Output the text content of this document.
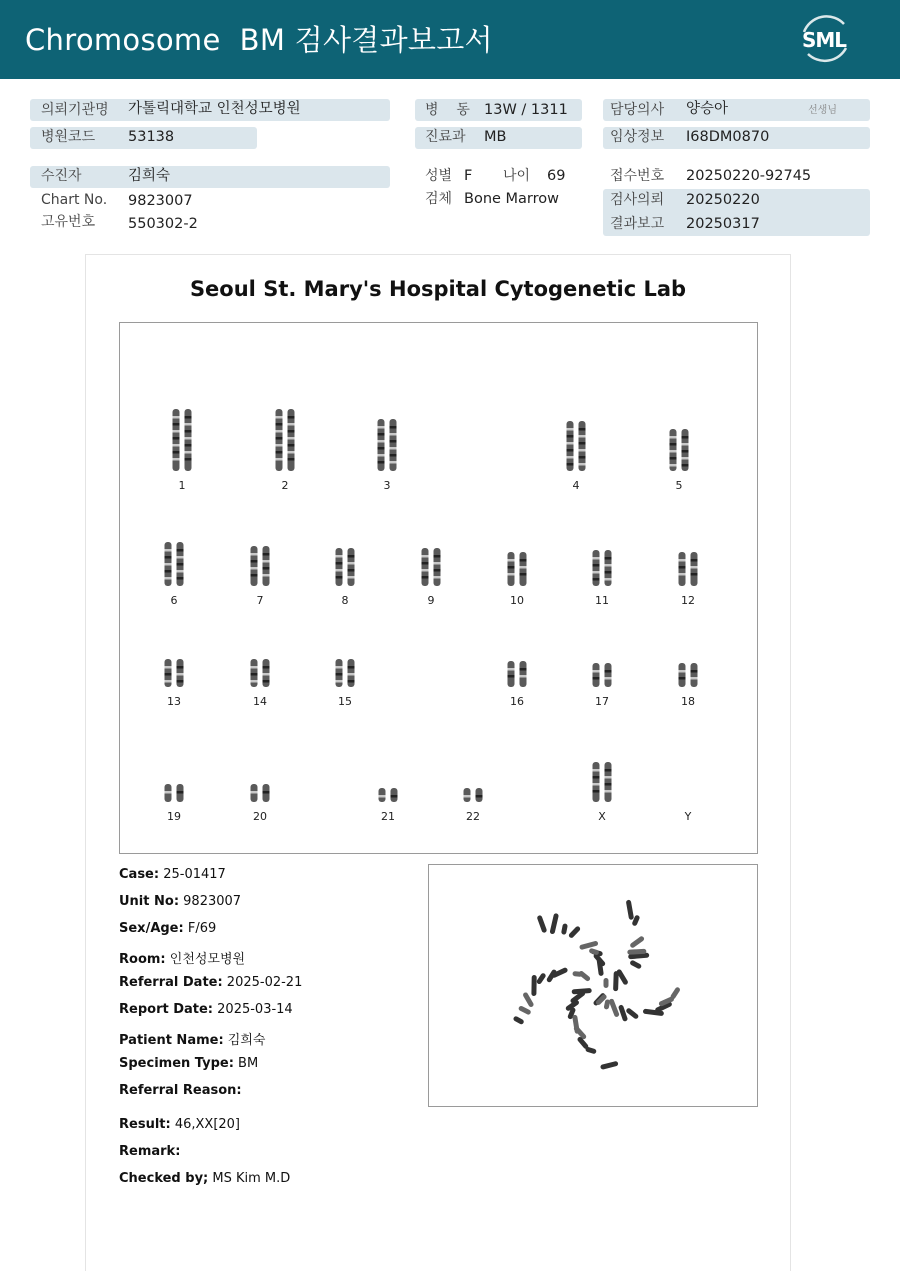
Chromosome  BM 검사결과보고서	SML
의뢰기관명 가톨릭대학교 인천성모병원
병원코드 53138
수진자	김희숙
Chart No. 9823007
고유번호 550302-2
병    동 13W / 1311
진료과 MB
성별 F 나이 69
검체 Bone Marrow
담당의사 양승아	선생님
임상정보 I68DM0870
접수번호 20250220-92745
검사의뢰 20250220
결과보고 20250317
Seoul St. Mary's Hospital Cytogenetic Lab
1	2	3	4	5
6	7	8	9	10	11	12
13	14	15	16	17	18
19	20	21	22	X	Y
Case: 25-01417
Unit No: 9823007
Sex/Age: F/69
Room: 인천성모병원
Referral Date: 2025-02-21
Report Date: 2025-03-14
Patient Name: 김희숙
Specimen Type: BM
Referral Reason:
Result: 46,XX[20]
Remark:
Checked by; MS Kim M.D
